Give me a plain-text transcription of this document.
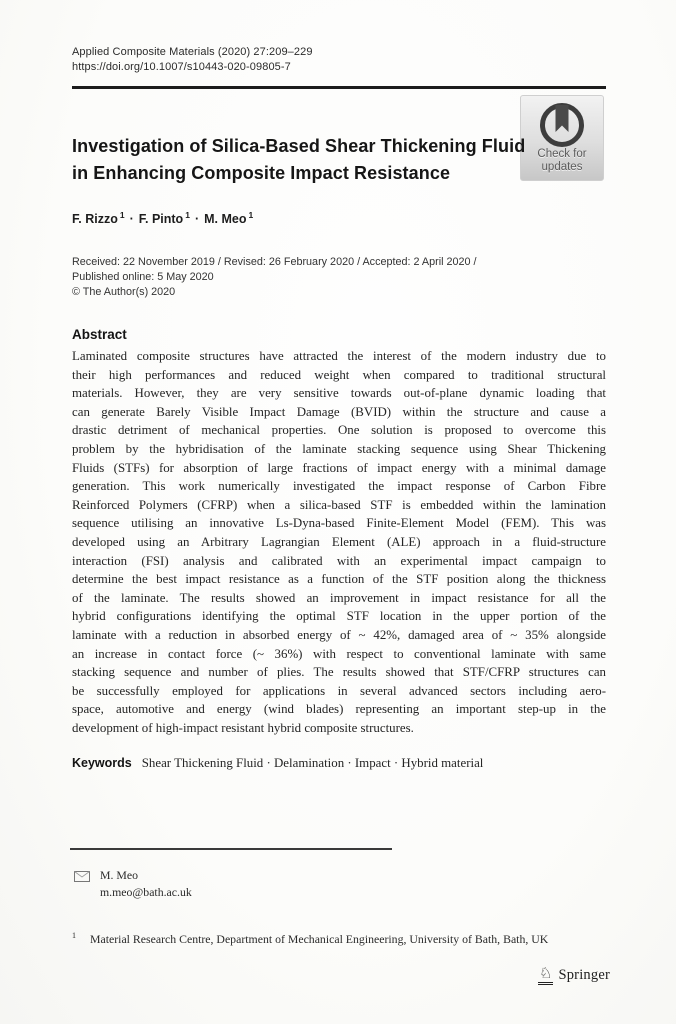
Applied Composite Materials (2020) 27:209–229
https://doi.org/10.1007/s10443-020-09805-7
Check for
updates
Investigation of Silica-Based Shear Thickening Fluid
in Enhancing Composite Impact Resistance
F. Rizzo $^1$ · F. Pinto $^1$ · M. Meo $^1$
Received: 22 November 2019 / Revised: 26 February 2020 / Accepted: 2 April 2020 /
Published online: 5 May 2020
© The Author(s) 2020
Abstract
Laminated composite structures have attracted the interest of the modern industry due to
their high performances and reduced weight when compared to traditional structural
materials. However, they are very sensitive towards out-of-plane dynamic loading that
can generate Barely Visible Impact Damage (BVID) within the structure and cause a
drastic detriment of mechanical properties. One solution is proposed to overcome this
problem by the hybridisation of the laminate stacking sequence using Shear Thickening
Fluids (STFs) for absorption of large fractions of impact energy with a minimal damage
generation. This work numerically investigated the impact response of Carbon Fibre
Reinforced Polymers (CFRP) when a silica-based STF is embedded within the lamination
sequence utilising an innovative Ls-Dyna-based Finite-Element Model (FEM). This was
developed using an Arbitrary Lagrangian Element (ALE) approach in a fluid-structure
interaction (FSI) analysis and calibrated with an experimental impact campaign to
determine the best impact resistance as a function of the STF position along the thickness
of the laminate. The results showed an improvement in impact resistance for all the
hybrid configurations identifying the optimal STF location in the upper portion of the
laminate with a reduction in absorbed energy of ~ 42%, damaged area of ~ 35% alongside
an increase in contact force (~ 36%) with respect to conventional laminate with same
stacking sequence and number of plies. The results showed that STF/CFRP structures can
be successfully employed for applications in several advanced sectors including aero-
space, automotive and energy (wind blades) representing an important step-up in the
development of high-impact resistant hybrid composite structures.
Keywords Shear Thickening Fluid · Delamination · Impact · Hybrid material
M. Meo
m.meo@bath.ac.uk
$^1$ Material Research Centre, Department of Mechanical Engineering, University of Bath, Bath, UK
♘ Springer
